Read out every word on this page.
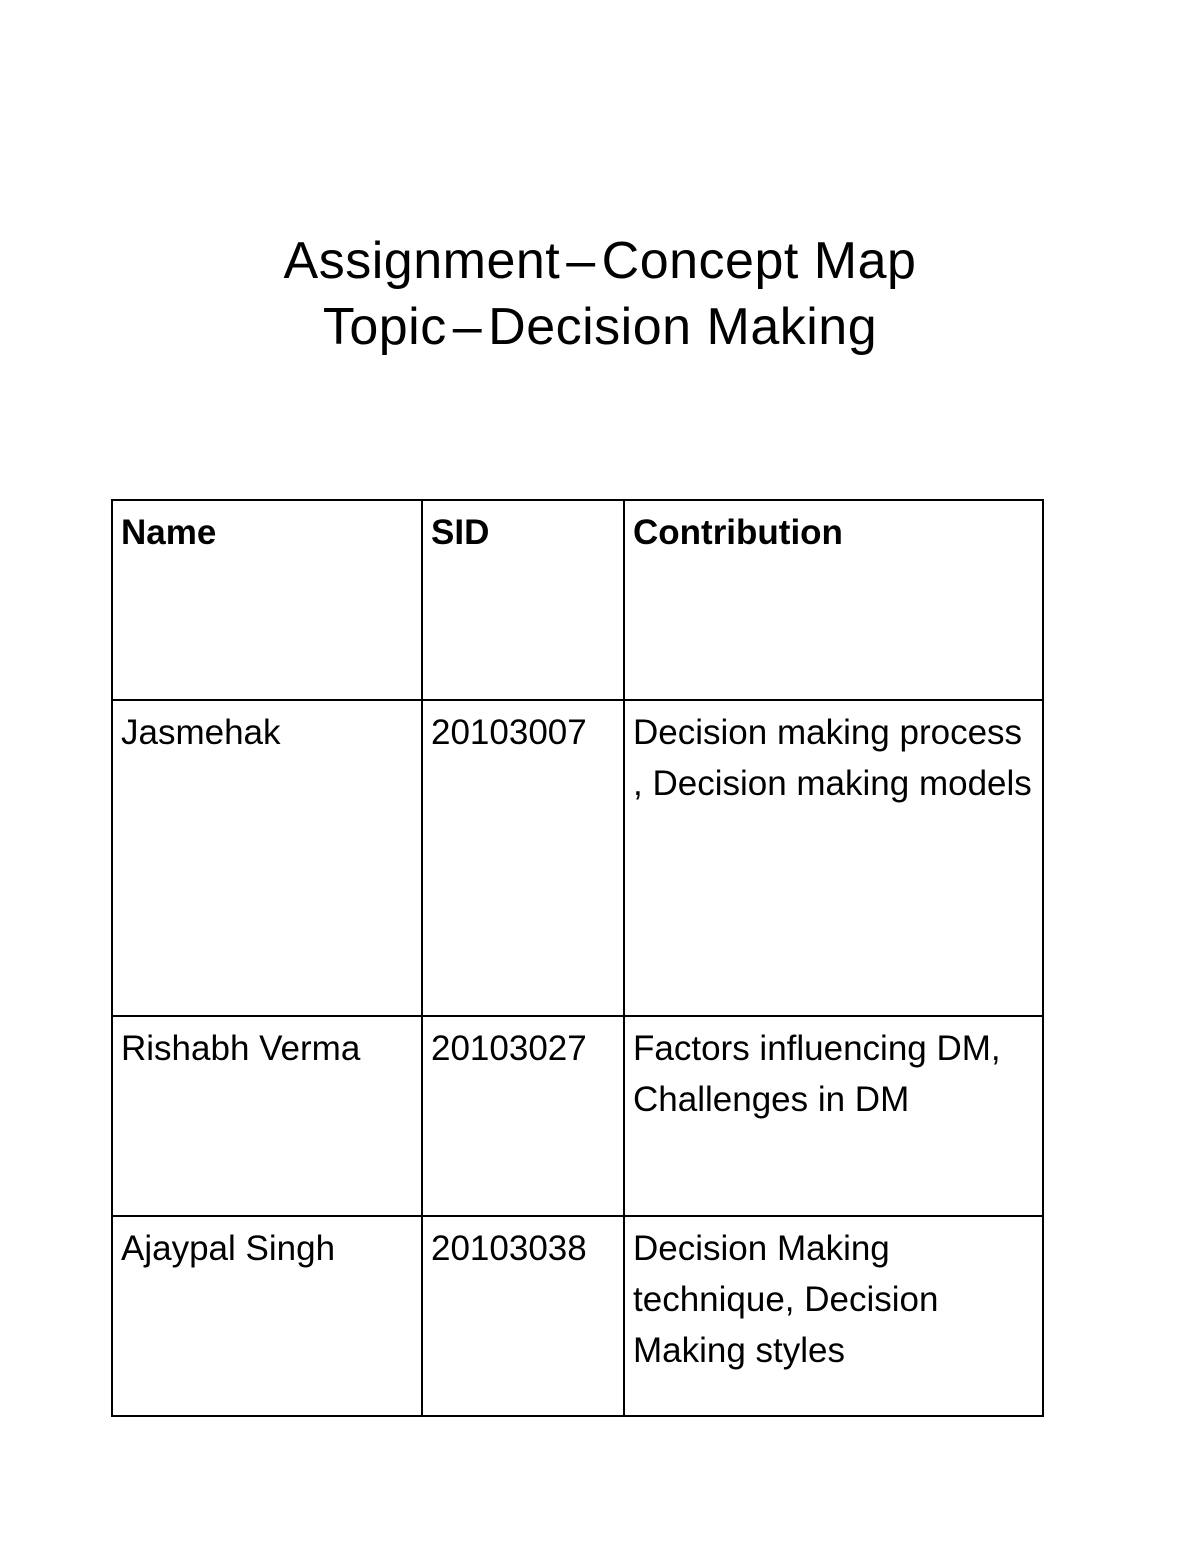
Assignment – Concept Map
Topic – Decision Making
Name	SID	Contribution
Jasmehak	20103007	Decision making process , Decision making models
Rishabh Verma	20103027	Factors influencing DM, Challenges in DM
Ajaypal Singh	20103038	Decision Making technique, Decision Making styles
